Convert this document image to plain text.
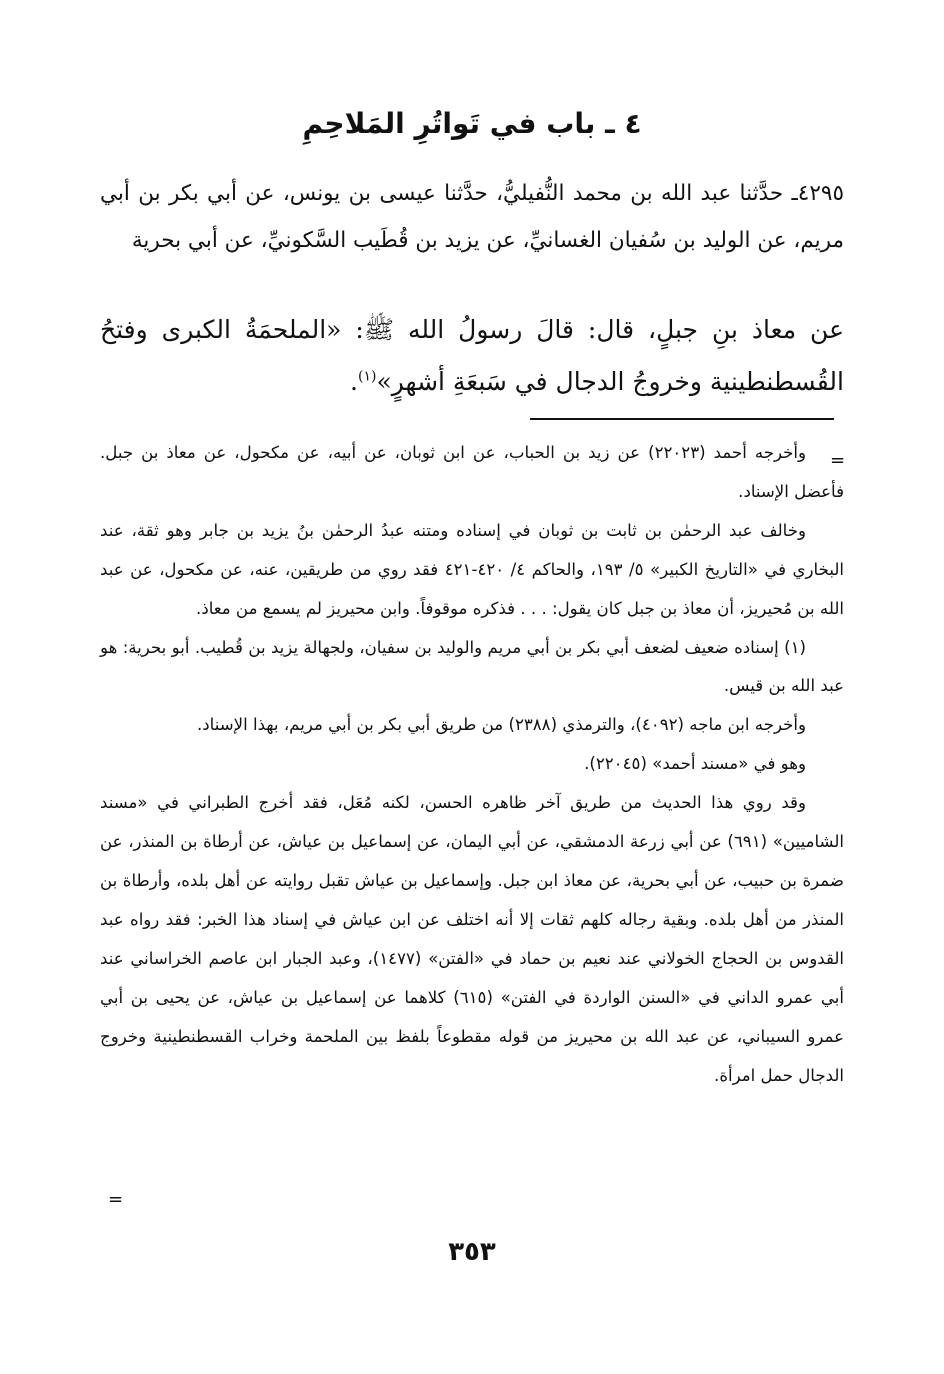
٤ ـ باب في تَواتُرِ المَلاحِمِ
٤٢٩٥ـ حدَّثنا عبد الله بن محمد النُّفيليُّ، حدَّثنا عيسى بن يونس، عن أبي بكر بن أبي مريم، عن الوليد بن سُفيان الغسانيِّ، عن يزيد بن قُطَيب السَّكونيِّ، عن أبي بحرية
عن معاذ بنِ جبلٍ، قال: قالَ رسولُ الله ﷺ: «الملحمَةُ الكبرى وفتحُ القُسطنطينية وخروجُ الدجال في سَبعَةِ أشهرٍ»$^{(١)}$.
=

وأخرجه أحمد (٢٢٠٢٣) عن زيد بن الحباب، عن ابن ثوبان، عن أبيه، عن مكحول، عن معاذ بن جبل. فأعضل الإسناد.

وخالف عبد الرحمٰن بن ثابت بن ثوبان في إسناده ومتنه عبدُ الرحمٰن بنُ يزيد بن جابر وهو ثقة، عند البخاري في «التاريخ الكبير» ٥/ ١٩٣، والحاكم ٤/ ٤٢٠-٤٢١ فقد روي من طريقين، عنه، عن مكحول، عن عبد الله بن مُحيريز، أن معاذ بن جبل كان يقول: . . . فذكره موقوفاً. وابن محيريز لم يسمع من معاذ.

(١) إسناده ضعيف لضعف أبي بكر بن أبي مريم والوليد بن سفيان، ولجهالة يزيد بن قُطيب. أبو بحرية: هو عبد الله بن قيس.

وأخرجه ابن ماجه (٤٠٩٢)، والترمذي (٢٣٨٨) من طريق أبي بكر بن أبي مريم، بهذا الإسناد.

وهو في «مسند أحمد» (٢٢٠٤٥).

وقد روي هذا الحديث من طريق آخر ظاهره الحسن، لكنه مُعَل، فقد أخرج الطبراني في «مسند الشاميين» (٦٩١) عن أبي زرعة الدمشقي، عن أبي اليمان، عن إسماعيل بن عياش، عن أرطاة بن المنذر، عن ضمرة بن حبيب، عن أبي بحرية، عن معاذ ابن جبل. وإسماعيل بن عياش تقبل روايته عن أهل بلده، وأرطاة بن المنذر من أهل بلده. وبقية رجاله كلهم ثقات إلا أنه اختلف عن ابن عياش في إسناد هذا الخبر: فقد رواه عبد القدوس بن الحجاج الخولاني عند نعيم بن حماد في «الفتن» (١٤٧٧)، وعبد الجبار ابن عاصم الخراساني عند أبي عمرو الداني في «السنن الواردة في الفتن» (٦١٥) كلاهما عن إسماعيل بن عياش، عن يحيى بن أبي عمرو السيباني، عن عبد الله بن محيريز من قوله مقطوعاً بلفظ بين الملحمة وخراب القسطنطينية وخروج الدجال حمل امرأة.

=
٣٥٣
